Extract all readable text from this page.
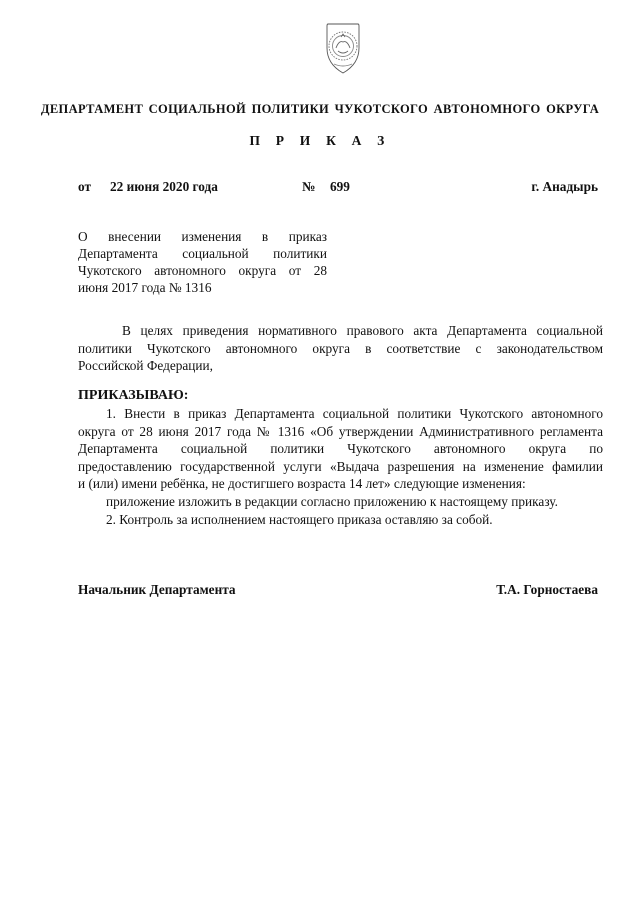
ДЕПАРТАМЕНТ СОЦИАЛЬНОЙ ПОЛИТИКИ ЧУКОТСКОГО АВТОНОМНОГО ОКРУГА
П Р И К А З
от 22 июня 2020 года	№ 699	г. Анадырь
О внесении изменения в приказ
Департамента социальной политики
Чукотского автономного округа от 28
июня 2017 года № 1316
В целях приведения нормативного правового акта Департамента социальной
политики Чукотского автономного округа в соответствие с законодательством
Российской Федерации,
ПРИКАЗЫВАЮ:
1. Внести в приказ Департамента социальной политики Чукотского автономного
округа от 28 июня 2017 года № 1316 «Об утверждении Административного регламента
Департамента социальной политики Чукотского автономного округа по
предоставлению государственной услуги «Выдача разрешения на изменение фамилии
и (или) имени ребёнка, не достигшего возраста 14 лет» следующие изменения:
приложение изложить в редакции согласно приложению к настоящему приказу.
2. Контроль за исполнением настоящего приказа оставляю за собой.
Начальник Департамента	Т.А. Горностаева
